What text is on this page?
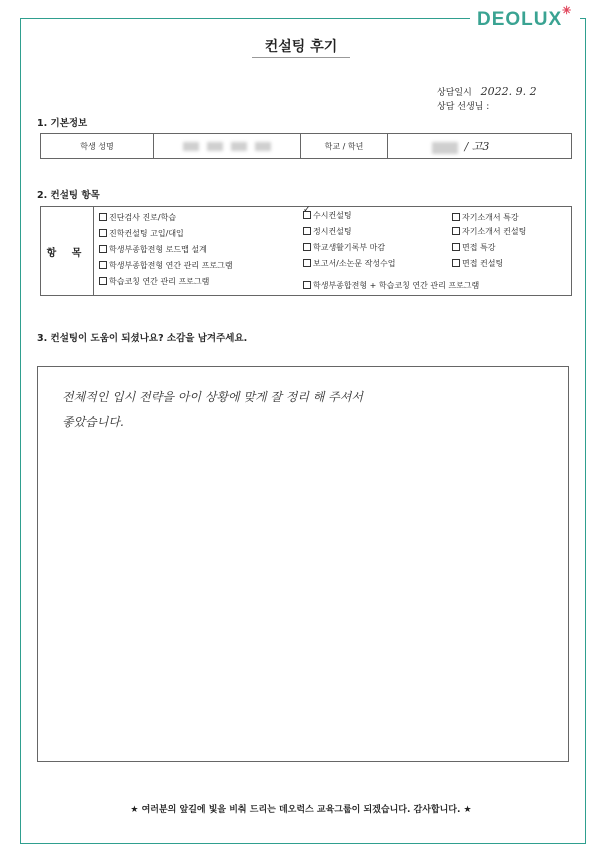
DEOLUX ✳
컨설팅 후기
상담일시 2022. 9. 2
상담 선생님 :
1. 기본정보
학생 성명		학교 / 학년	/ 고3
2. 컨설팅 항목
항 목
진단검사 진로/학습
진학컨설팅 고입/대입
학생부종합전형 로드맵 설계
학생부종합전형 연간 관리 프로그램
학습코칭 연간 관리 프로그램
✓수시컨설팅
정시컨설팅
학교생활기록부 마감
보고서/소논문 작성수업
학생부종합전형 + 학습코칭 연간 관리 프로그램
자기소개서 특강
자기소개서 컨설팅
면접 특강
면접 컨설팅
3. 컨설팅이 도움이 되셨나요? 소감을 남겨주세요.
전체적인 입시 전략을 아이 상황에 맞게 잘 정리 해 주셔서
좋았습니다.
★ 여러분의 앞길에 빛을 비춰 드리는 데오럭스 교육그룹이 되겠습니다. 감사합니다. ★
